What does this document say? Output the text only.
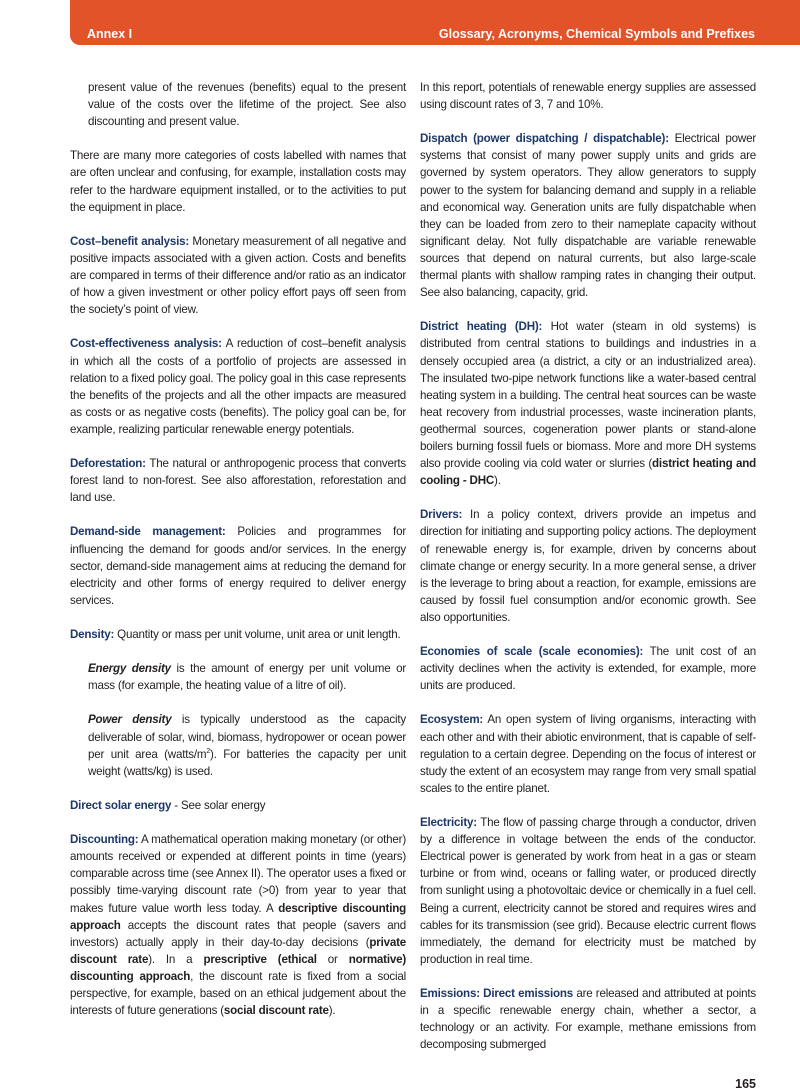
Annex I	Glossary, Acronyms, Chemical Symbols and Prefixes

present value of the revenues (benefits) equal to the present value of the costs over the lifetime of the project. See also discounting and present value.

There are many more categories of costs labelled with names that are often unclear and confusing, for example, installation costs may refer to the hardware equipment installed, or to the activities to put the equipment in place.

Cost–benefit analysis: Monetary measurement of all negative and positive impacts associated with a given action. Costs and benefits are compared in terms of their difference and/or ratio as an indicator of how a given investment or other policy effort pays off seen from the society’s point of view.

Cost-effectiveness analysis: A reduction of cost–benefit analysis in which all the costs of a portfolio of projects are assessed in relation to a fixed policy goal. The policy goal in this case represents the benefits of the projects and all the other impacts are measured as costs or as negative costs (benefits). The policy goal can be, for example, realizing particular renewable energy potentials.

Deforestation: The natural or anthropogenic process that converts forest land to non-forest. See also afforestation, reforestation and land use.

Demand-side management: Policies and programmes for influencing the demand for goods and/or services. In the energy sector, demand-side management aims at reducing the demand for electricity and other forms of energy required to deliver energy services.

Density: Quantity or mass per unit volume, unit area or unit length.

Energy density is the amount of energy per unit volume or mass (for example, the heating value of a litre of oil).

Power density is typically understood as the capacity deliverable of solar, wind, biomass, hydropower or ocean power per unit area $(watts/m^2)$. For batteries the capacity per unit weight (watts/kg) is used.

Direct solar energy - See solar energy

Discounting: A mathematical operation making monetary (or other) amounts received or expended at different points in time (years) comparable across time (see Annex II). The operator uses a fixed or possibly time-varying discount rate (>0) from year to year that makes future value worth less today. A descriptive discounting approach accepts the discount rates that people (savers and investors) actually apply in their day-to-day decisions (private discount rate). In a prescriptive (ethical or normative) discounting approach, the discount rate is fixed from a social perspective, for example, based on an ethical judgement about the interests of future generations (social discount rate).

In this report, potentials of renewable energy supplies are assessed using discount rates of 3, 7 and 10%.

Dispatch (power dispatching / dispatchable): Electrical power systems that consist of many power supply units and grids are governed by system operators. They allow generators to supply power to the system for balancing demand and supply in a reliable and economical way. Generation units are fully dispatchable when they can be loaded from zero to their nameplate capacity without significant delay. Not fully dispatchable are variable renewable sources that depend on natural currents, but also large-scale thermal plants with shallow ramping rates in changing their output. See also balancing, capacity, grid.

District heating (DH): Hot water (steam in old systems) is distributed from central stations to buildings and industries in a densely occupied area (a district, a city or an industrialized area). The insulated two-pipe network functions like a water-based central heating system in a building. The central heat sources can be waste heat recovery from industrial processes, waste incineration plants, geothermal sources, cogeneration power plants or stand-alone boilers burning fossil fuels or biomass. More and more DH systems also provide cooling via cold water or slurries (district heating and cooling - DHC).

Drivers: In a policy context, drivers provide an impetus and direction for initiating and supporting policy actions. The deployment of renewable energy is, for example, driven by concerns about climate change or energy security. In a more general sense, a driver is the leverage to bring about a reaction, for example, emissions are caused by fossil fuel consumption and/or economic growth. See also opportunities.

Economies of scale (scale economies): The unit cost of an activity declines when the activity is extended, for example, more units are produced.

Ecosystem: An open system of living organisms, interacting with each other and with their abiotic environment, that is capable of self-regulation to a certain degree. Depending on the focus of interest or study the extent of an ecosystem may range from very small spatial scales to the entire planet.

Electricity: The flow of passing charge through a conductor, driven by a difference in voltage between the ends of the conductor. Electrical power is generated by work from heat in a gas or steam turbine or from wind, oceans or falling water, or produced directly from sunlight using a photovoltaic device or chemically in a fuel cell. Being a current, electricity cannot be stored and requires wires and cables for its transmission (see grid). Because electric current flows immediately, the demand for electricity must be matched by production in real time.

Emissions: Direct emissions are released and attributed at points in a specific renewable energy chain, whether a sector, a technology or an activity. For example, methane emissions from decomposing submerged

165
